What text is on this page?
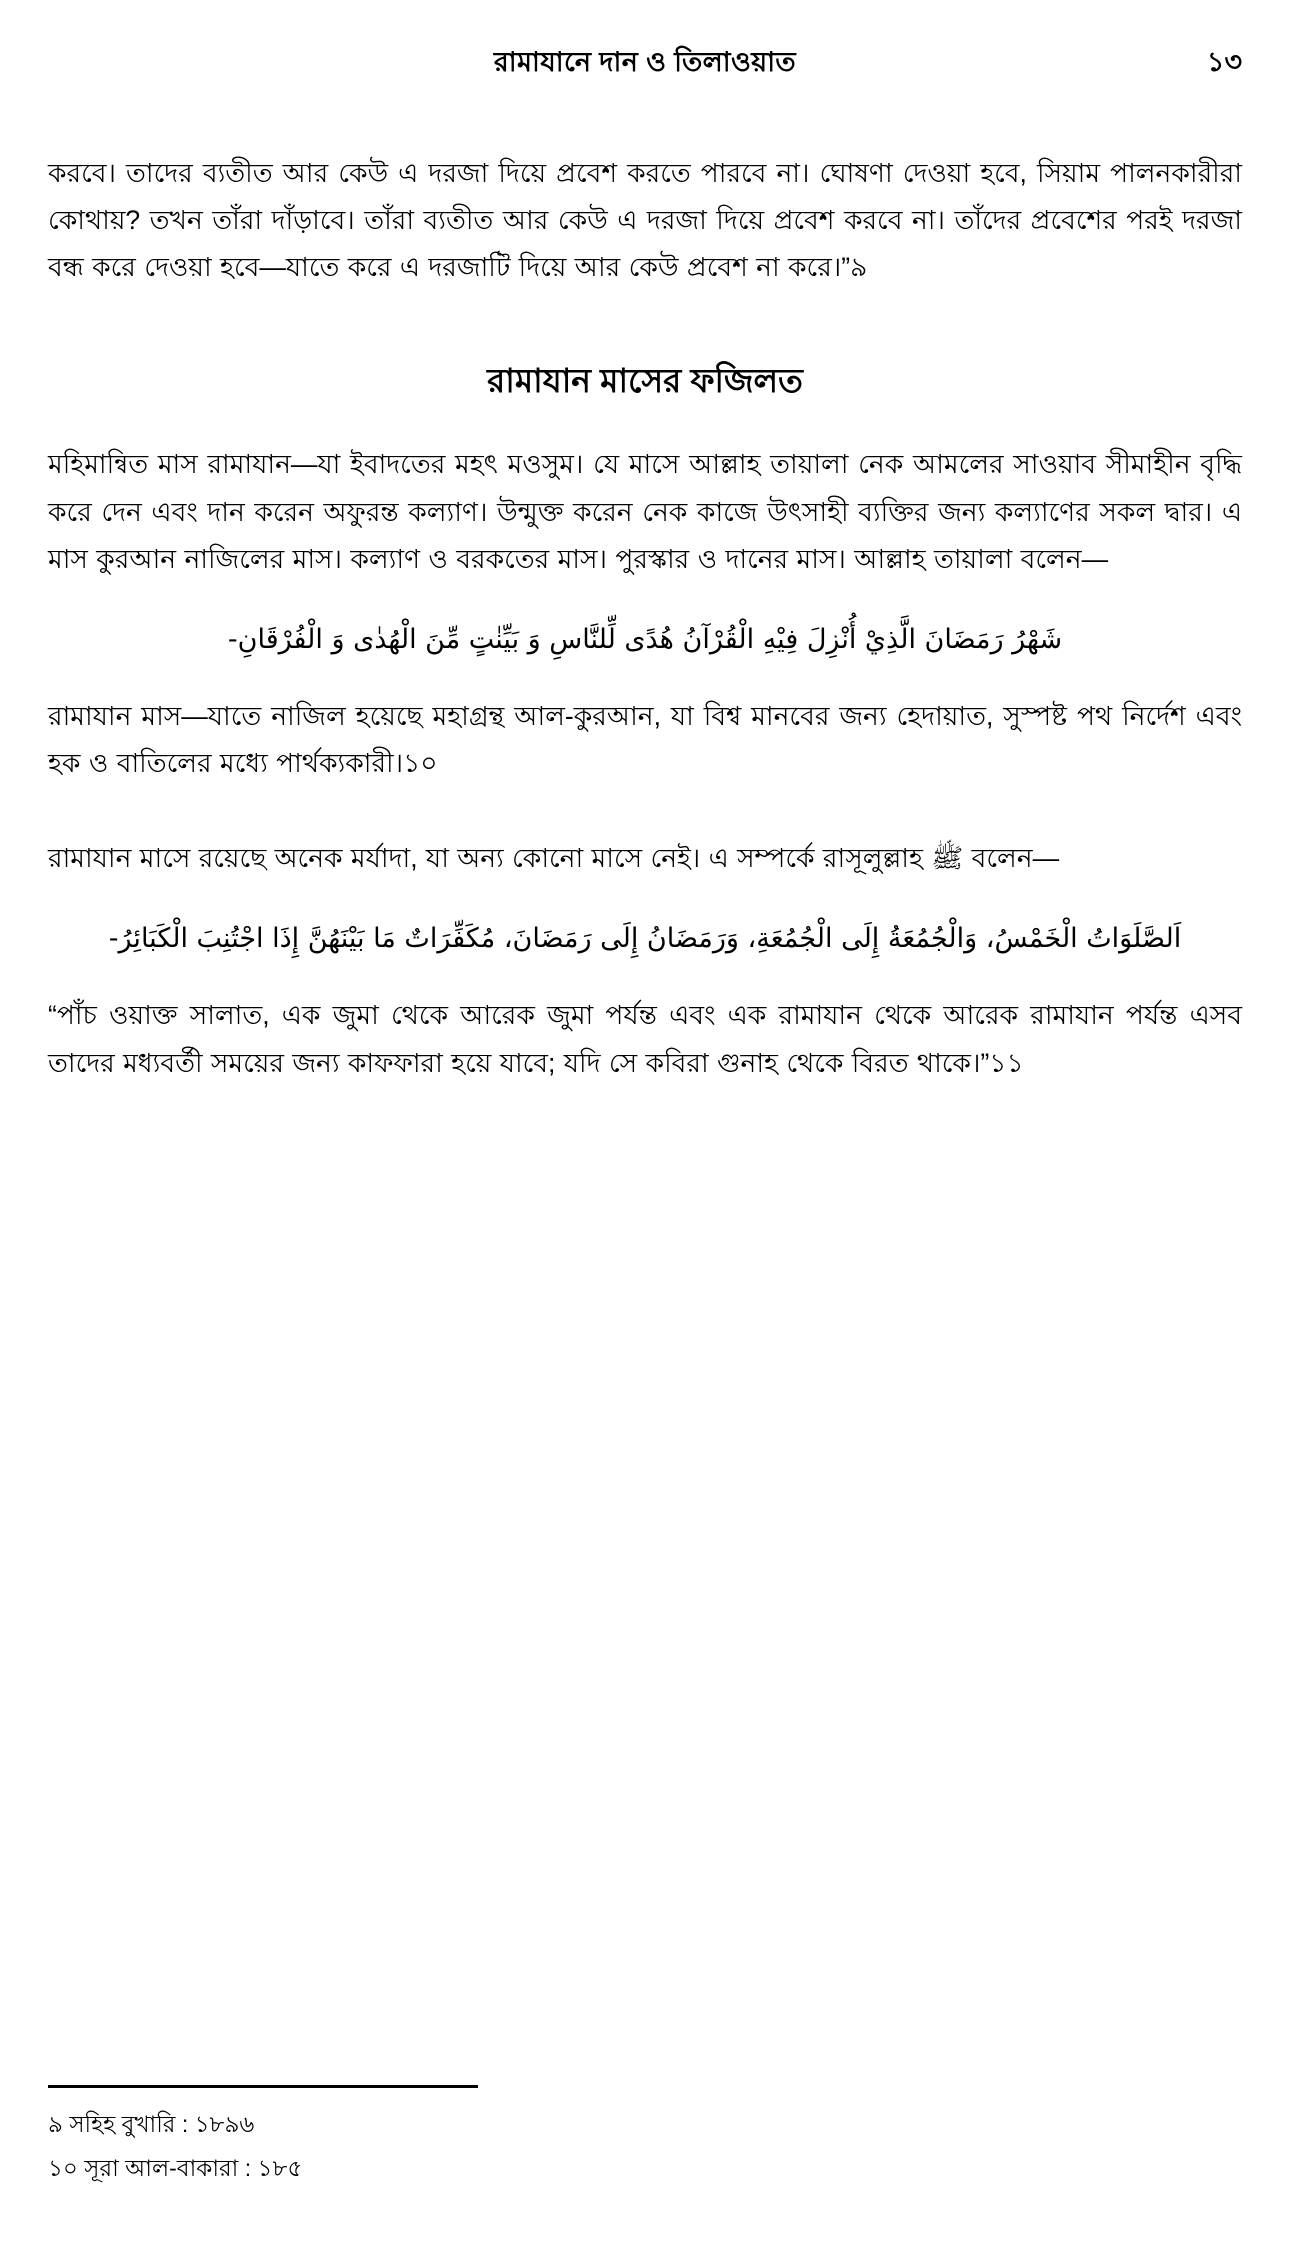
রামাযানে দান ও তিলাওয়াত	১৩

করবে। তাদের ব্যতীত আর কেউ এ দরজা দিয়ে প্রবেশ করতে পারবে না। ঘোষণা দেওয়া হবে, সিয়াম পালনকারীরা কোথায়? তখন তাঁরা দাঁড়াবে। তাঁরা ব্যতীত আর কেউ এ দরজা দিয়ে প্রবেশ করবে না। তাঁদের প্রবেশের পরই দরজা বন্ধ করে দেওয়া হবে—যাতে করে এ দরজাটি দিয়ে আর কেউ প্রবেশ না করে।”৯

রামাযান মাসের ফজিলত

মহিমান্বিত মাস রামাযান—যা ইবাদতের মহৎ মওসুম। যে মাসে আল্লাহ তায়ালা নেক আমলের সাওয়াব সীমাহীন বৃদ্ধি করে দেন এবং দান করেন অফুরন্ত কল্যাণ। উন্মুক্ত করেন নেক কাজে উৎসাহী ব্যক্তির জন্য কল্যাণের সকল দ্বার। এ মাস কুরআন নাজিলের মাস। কল্যাণ ও বরকতের মাস। পুরস্কার ও দানের মাস। আল্লাহ তায়ালা বলেন—

شَهْرُ رَمَضَانَ الَّذِيْ أُنْزِلَ فِيْهِ الْقُرْآنُ هُدًى لِّلنَّاسِ وَ بَيِّنٰتٍ مِّنَ الْهُدٰى وَ الْفُرْقَانِ-

রামাযান মাস—যাতে নাজিল হয়েছে মহাগ্রন্থ আল-কুরআন, যা বিশ্ব মানবের জন্য হেদায়াত, সুস্পষ্ট পথ নির্দেশ এবং হক ও বাতিলের মধ্যে পার্থক্যকারী।১০

রামাযান মাসে রয়েছে অনেক মর্যাদা, যা অন্য কোনো মাসে নেই। এ সম্পর্কে রাসূলুল্লাহ ﷺ বলেন—

اَلصَّلَوَاتُ الْخَمْسُ، وَالْجُمُعَةُ إِلَى الْجُمُعَةِ، وَرَمَضَانُ إِلَى رَمَضَانَ، مُكَفِّرَاتٌ مَا بَيْنَهُنَّ إِذَا اجْتُنِبَ الْكَبَائِرُ-

“পাঁচ ওয়াক্ত সালাত, এক জুমা থেকে আরেক জুমা পর্যন্ত এবং এক রামাযান থেকে আরেক রামাযান পর্যন্ত এসব তাদের মধ্যবর্তী সময়ের জন্য কাফফারা হয়ে যাবে; যদি সে কবিরা গুনাহ থেকে বিরত থাকে।”১১

৯ সহিহ বুখারি : ১৮৯৬

১০ সূরা আল-বাকারা : ১৮৫
